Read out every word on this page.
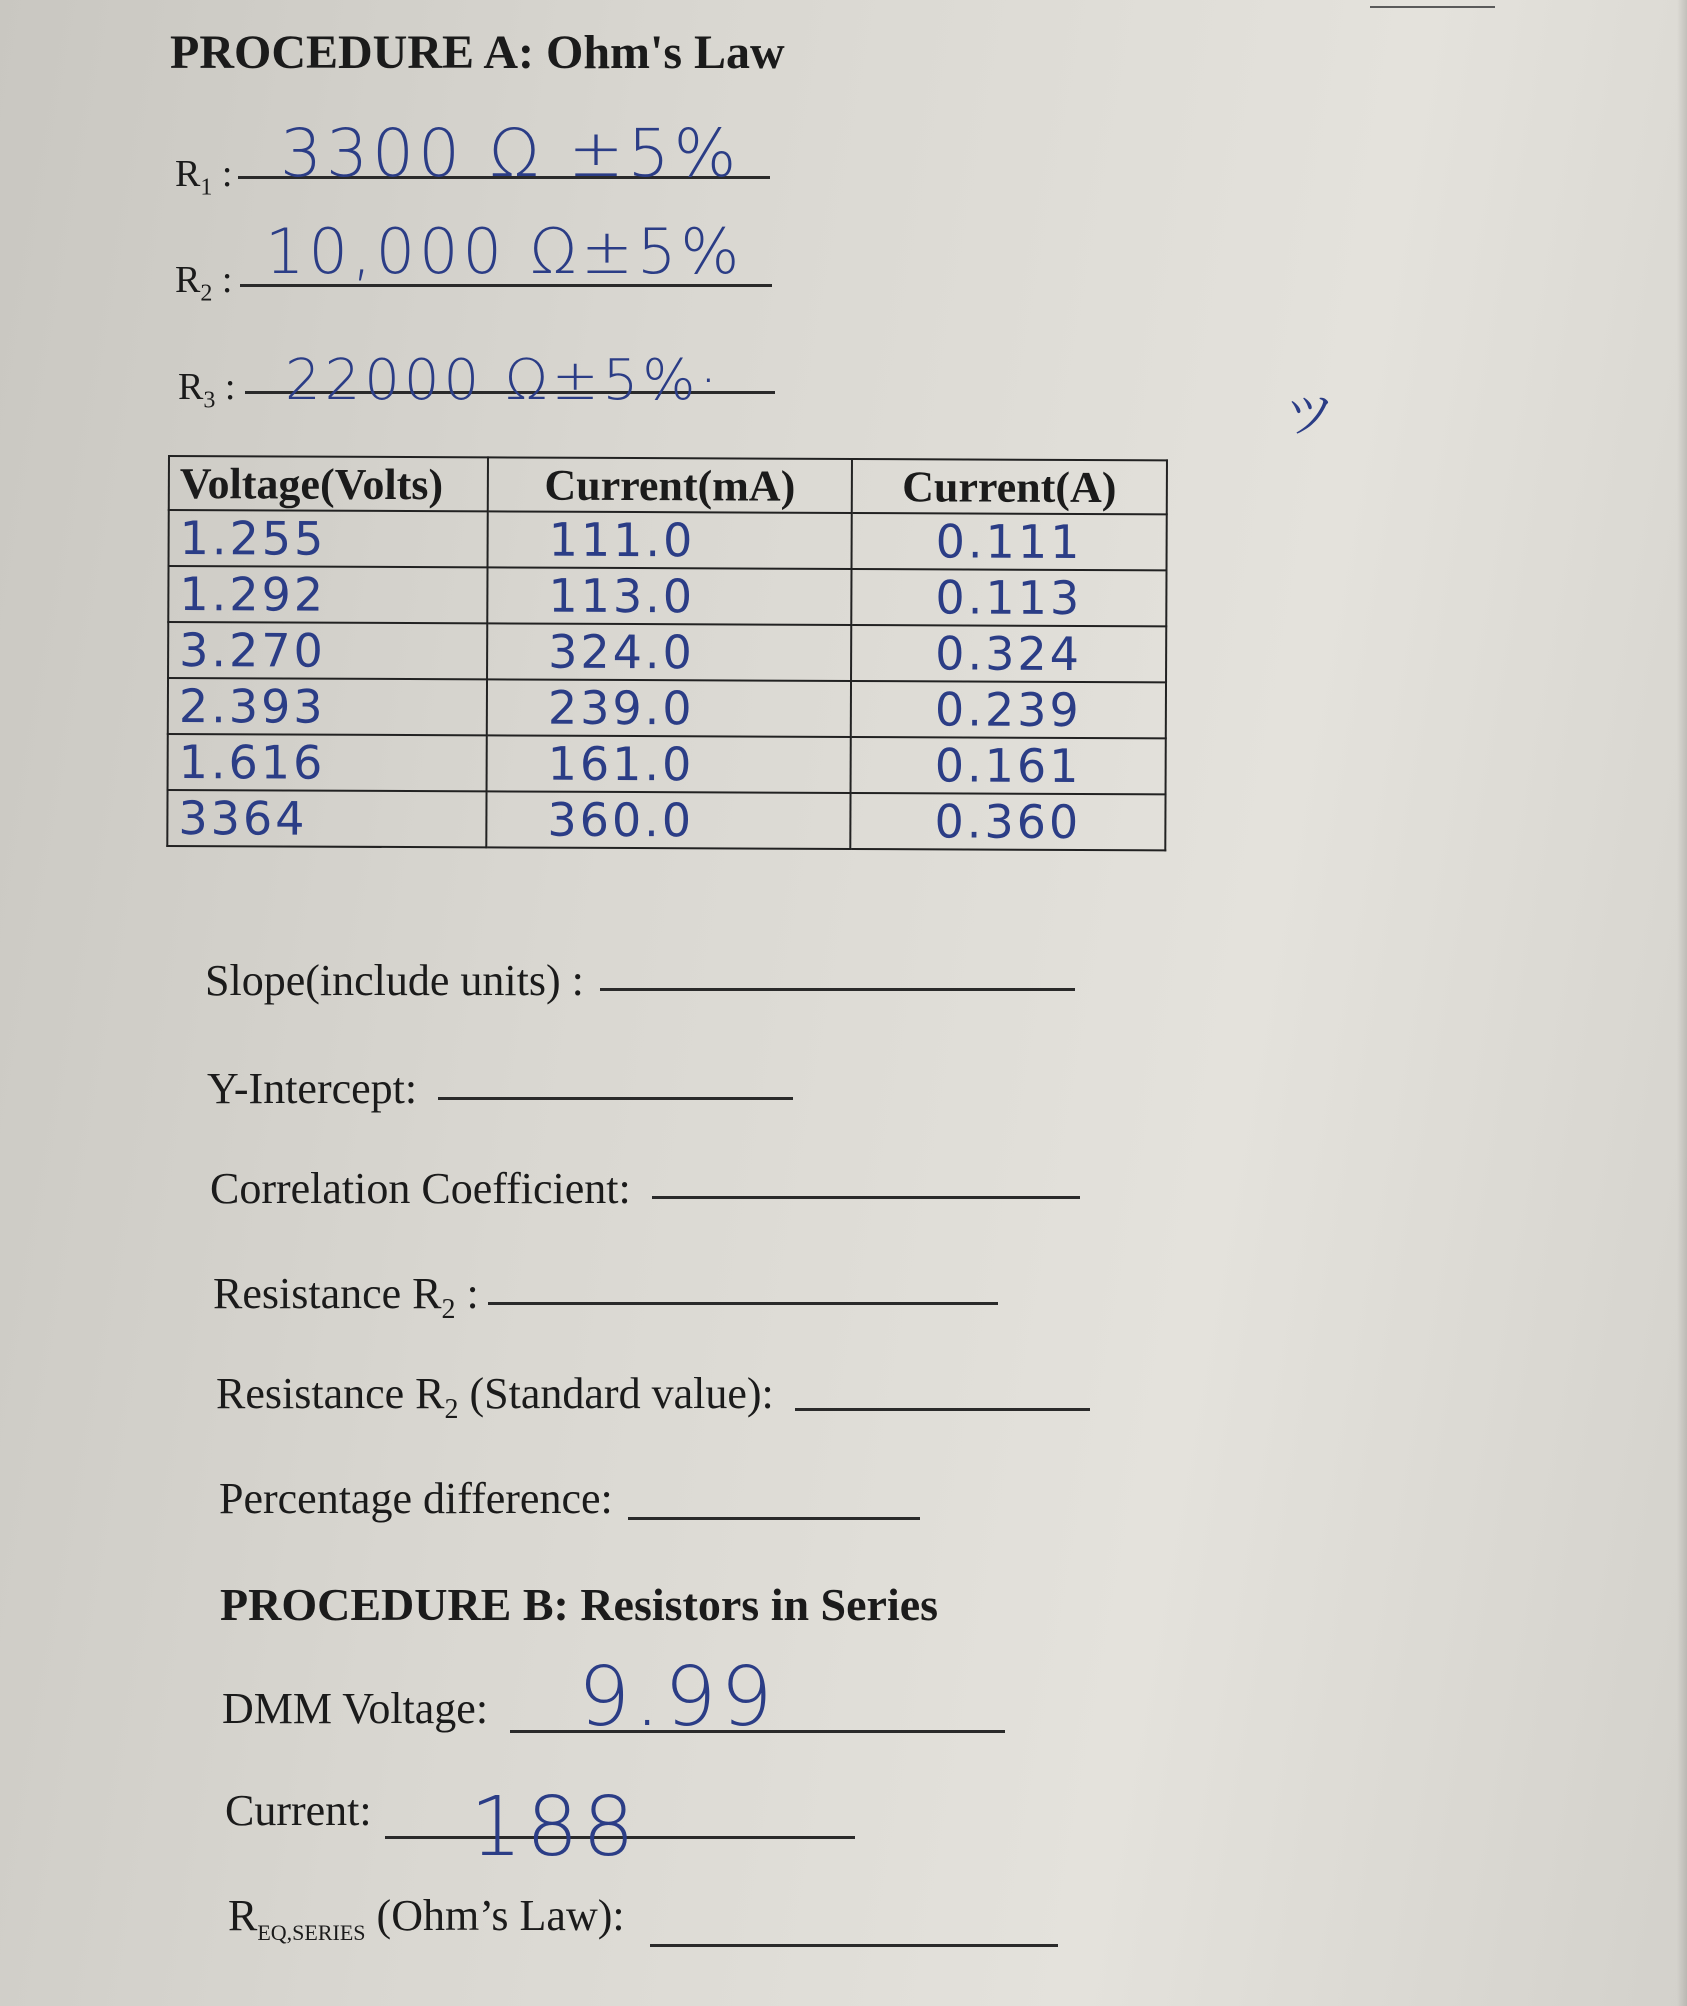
PROCEDURE A: Ohm's Law
$R_1$ : 3300 Ω ±5%
$R_2$ : 10,000 Ω±5%
$R_3$ : 22000 Ω±5%·
ツ
Voltage(Volts)	Current(mA)	Current(A)
1.255	111.0	0.111
1.292	113.0	0.113
3.270	324.0	0.324
2.393	239.0	0.239
1.616	161.0	0.161
3364	360.0	0.360
Slope(include units) :
Y-Intercept:
Correlation Coefficient:
Resistance $R_2$ :
Resistance $R_2$ (Standard value):
Percentage difference:
PROCEDURE B: Resistors in Series
DMM Voltage: 9.99
Current: 188
$R_{EQ,SERIES}$ (Ohm’s Law):
